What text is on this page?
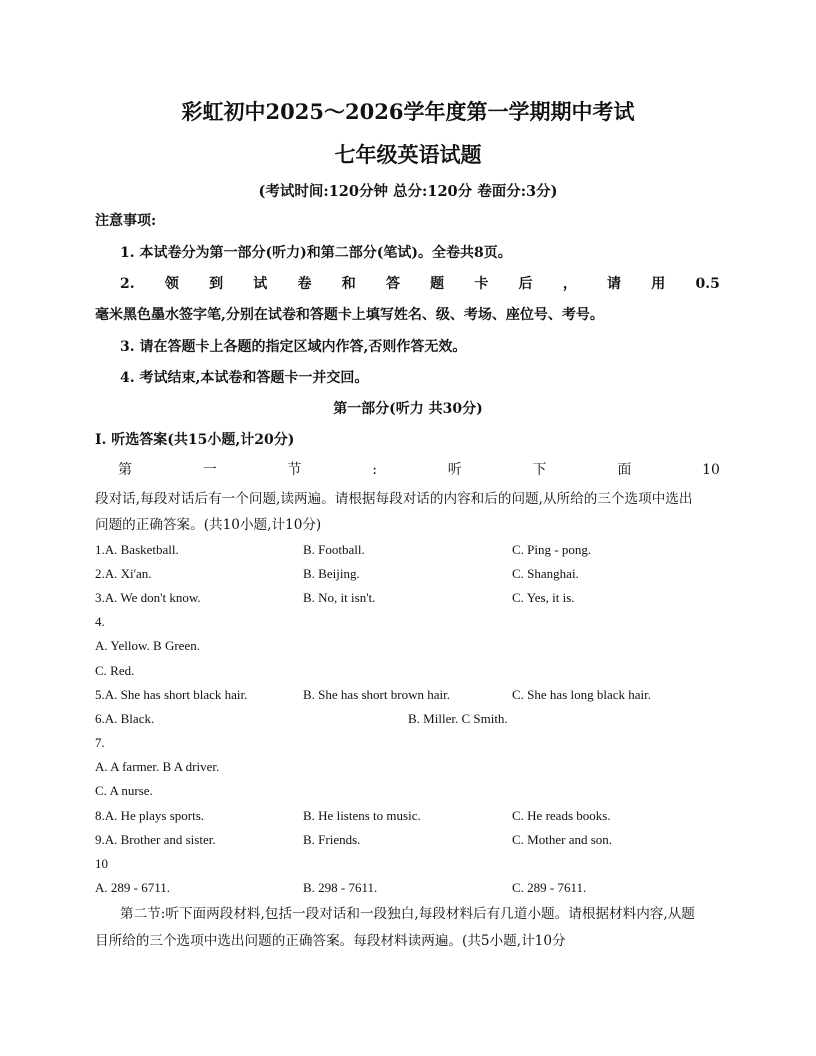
彩虹初中2025～2026学年度第一学期期中考试
七年级英语试题
(考试时间:120分钟 总分:120分 卷面分:3分)
注意事项:
1. 本试卷分为第一部分(听力)和第二部分(笔试)。全卷共8页。
2. 领 到 试 卷 和 答 题 卡 后 ， 请 用 0.5
毫米黑色墨水签字笔,分别在试卷和答题卡上填写姓名、级、考场、座位号、考号。
3. 请在答题卡上各题的指定区域内作答,否则作答无效。
4. 考试结束,本试卷和答题卡一并交回。
第一部分(听力 共30分)
Ⅰ. 听选答案(共15小题,计20分)
第	一	节	:	听	下	面	10
段对话,每段对话后有一个问题,读两遍。请根据每段对话的内容和后的问题,从所给的三个选项中选出
问题的正确答案。(共10小题,计10分)
1.A. Basketball.	B. Football.	C. Ping - pong.
2.A. Xi'an.	B. Beijing.	C. Shanghai.
3.A. We don't know.	B. No, it isn't.	C. Yes, it is.
4.
A. Yellow. B Green.
C. Red.
5.A. She has short black hair.	B. She has short brown hair.	C. She has long black hair.
6.A. Black.	B. Miller. C Smith.
7.
A. A farmer. B A driver.
C. A nurse.
8.A. He plays sports.	B. He listens to music.	C. He reads books.
9.A. Brother and sister.	B. Friends.	C. Mother and son.
10
A. 289 - 6711.	B. 298 - 7611.	C. 289 - 7611.
第二节:听下面两段材料,包括一段对话和一段独白,每段材料后有几道小题。请根据材料内容,从题
目所给的三个选项中选出问题的正确答案。每段材料读两遍。(共5小题,计10分
